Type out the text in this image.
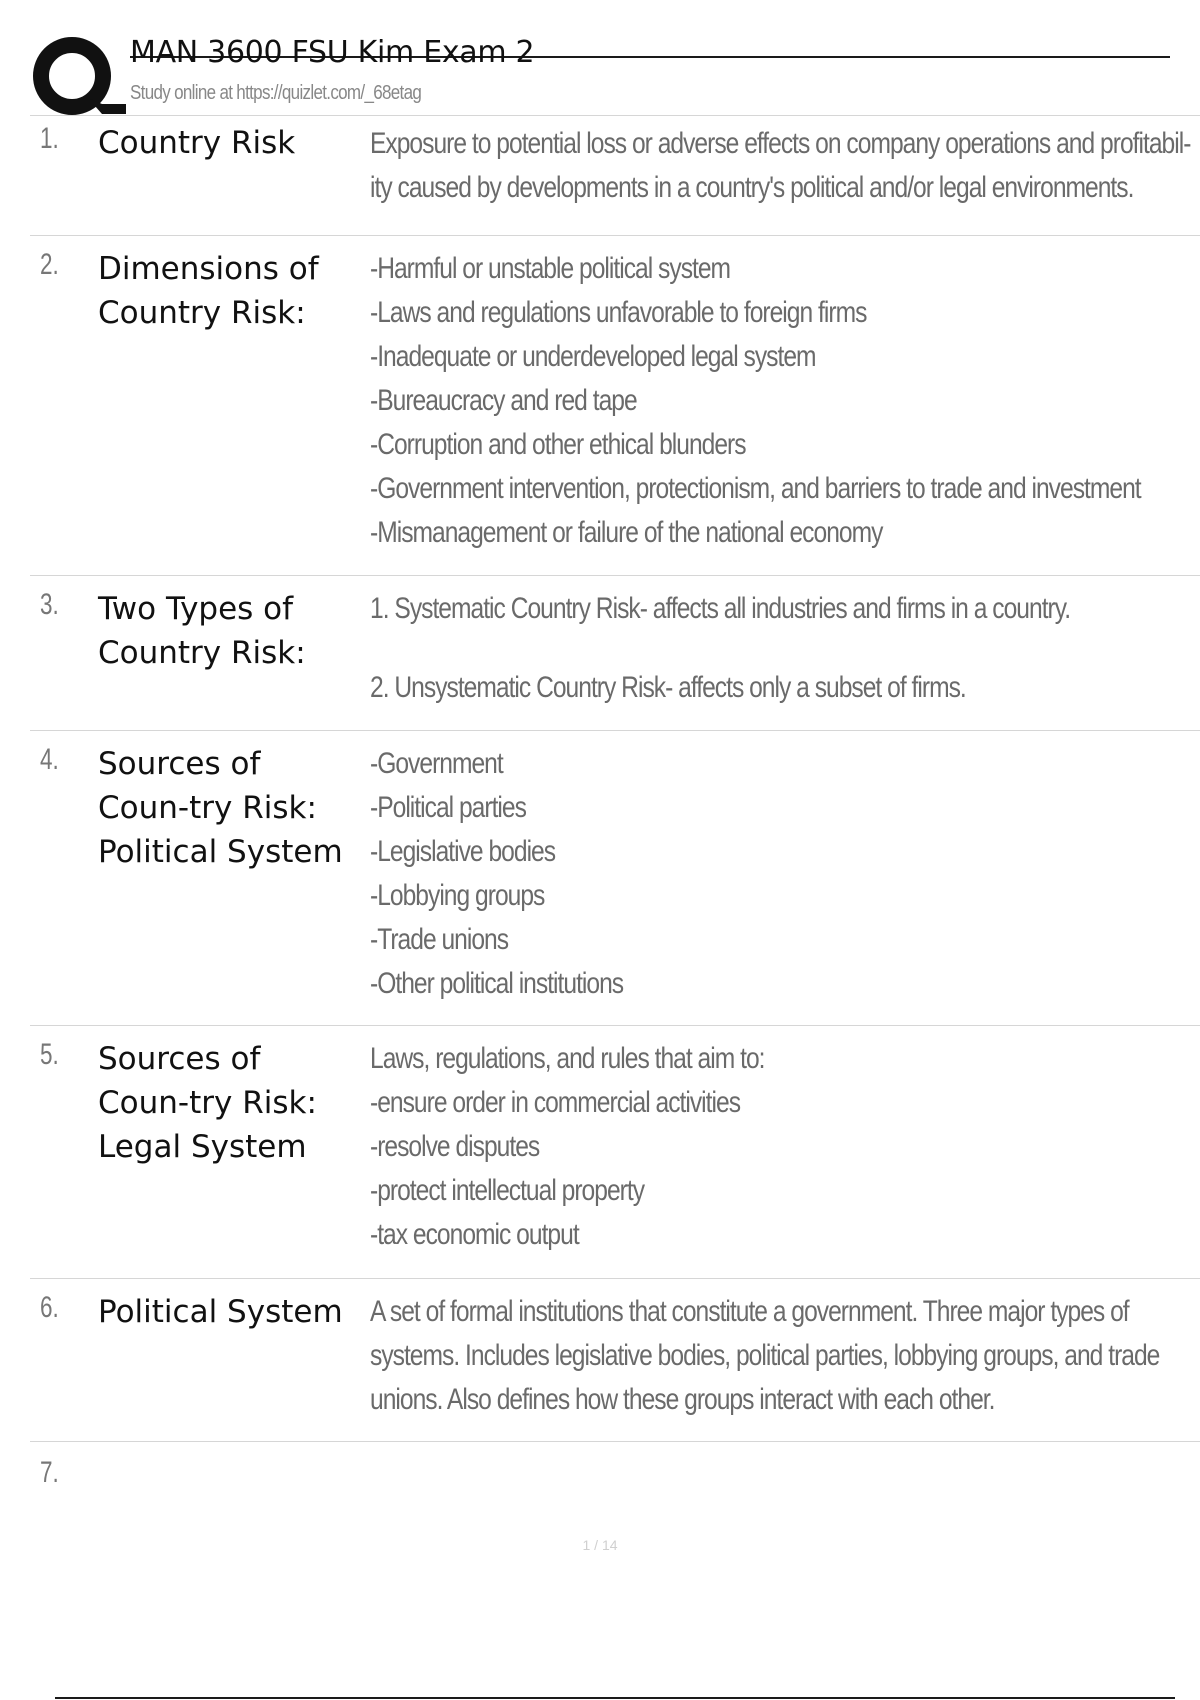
MAN 3600 FSU Kim Exam 2
Study online at https://quizlet.com/_68etag
1. Country Risk	Exposure to potential loss or adverse effects on company operations and profitabil-
ity caused by developments in a country's political and/or legal environments.
2. Dimensions of Country Risk:
-Harmful or unstable political system
-Laws and regulations unfavorable to foreign firms
-Inadequate or underdeveloped legal system
-Bureaucracy and red tape
-Corruption and other ethical blunders
-Government intervention, protectionism, and barriers to trade and investment
-Mismanagement or failure of the national economy
3. Two Types of Country Risk:
1. Systematic Country Risk- affects all industries and firms in a country.
2. Unsystematic Country Risk- affects only a subset of firms.
4. Sources of Coun-try Risk: Political System
-Government
-Political parties
-Legislative bodies
-Lobbying groups
-Trade unions
-Other political institutions
5. Sources of Coun-try Risk: Legal System
Laws, regulations, and rules that aim to:
-ensure order in commercial activities
-resolve disputes
-protect intellectual property
-tax economic output
6. Political System A set of formal institutions that constitute a government. Three major types of
systems. Includes legislative bodies, political parties, lobbying groups, and trade
unions. Also defines how these groups interact with each other.
7.
1 / 14
